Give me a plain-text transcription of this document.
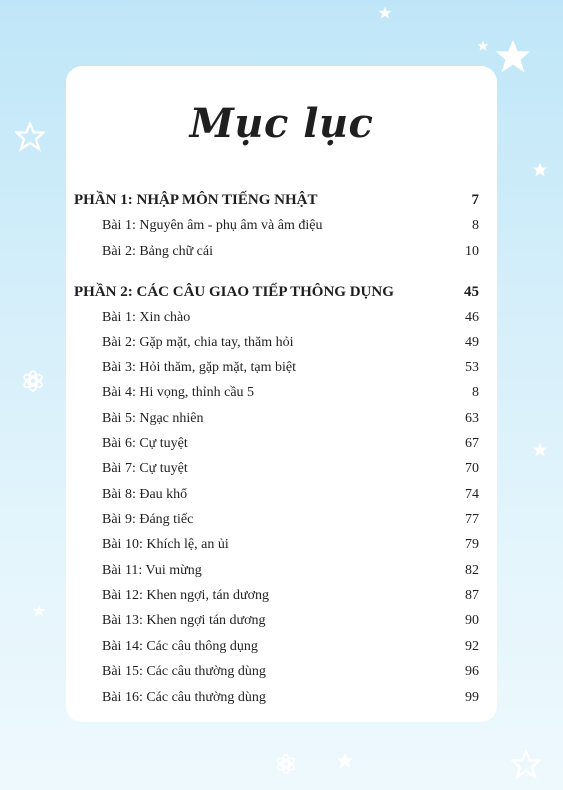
Mục lục
PHẦN 1: NHẬP MÔN TIẾNG NHẬT	7
Bài 1: Nguyên âm - phụ âm và âm điệu	8
Bài 2: Bảng chữ cái	10
PHẦN 2: CÁC CÂU GIAO TIẾP THÔNG DỤNG	45
Bài 1: Xin chào	46
Bài 2: Gặp mặt, chia tay, thăm hỏi	49
Bài 3: Hỏi thăm, gặp mặt, tạm biệt	53
Bài 4: Hi vọng, thỉnh cầu 5	8
Bài 5: Ngạc nhiên	63
Bài 6: Cự tuyệt	67
Bài 7: Cự tuyệt	70
Bài 8: Đau khổ	74
Bài 9: Đáng tiếc	77
Bài 10: Khích lệ, an ủi	79
Bài 11: Vui mừng	82
Bài 12: Khen ngợi, tán dương	87
Bài 13: Khen ngợi tán dương	90
Bài 14: Các câu thông dụng	92
Bài 15: Các câu thường dùng	96
Bài 16: Các câu thường dùng	99
